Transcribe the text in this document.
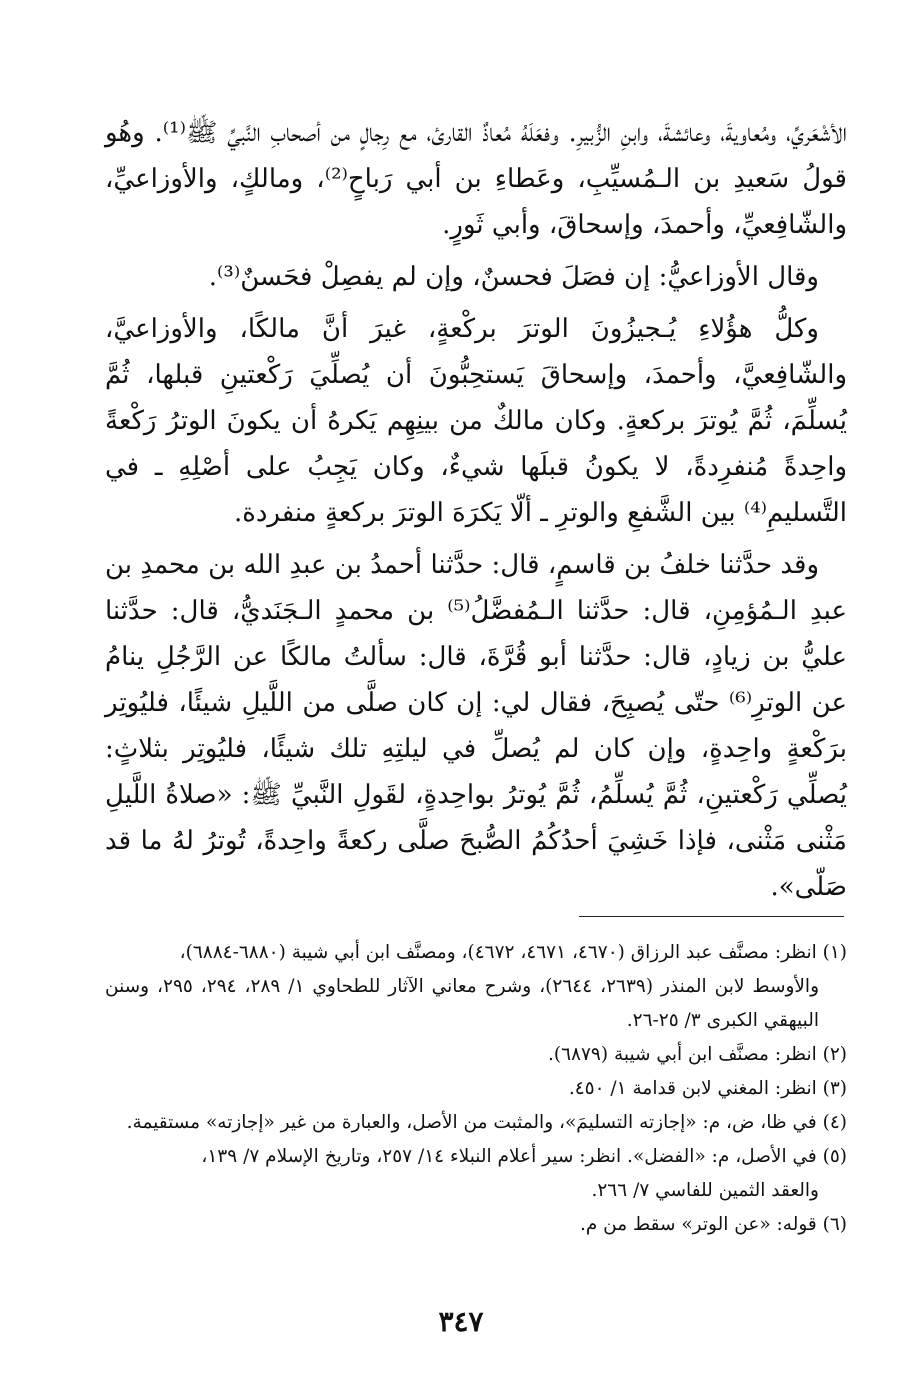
الأشْعَريِّ، ومُعاويةَ، وعائشةَ، وابنِ الزُّبيرِ. وفعَلَهُ مُعاذٌ القارئ، مع رِجالٍ من أصحابِ النَّبيِّ ﷺ⁽¹⁾. وهُو قولُ سَعيدِ بن الـمُسيِّبِ، وعَطاءِ بن أبي رَباحٍ⁽²⁾، ومالكٍ، والأوزاعيِّ، والشّافِعيِّ، وأحمدَ، وإسحاقَ، وأبي ثَورٍ.

وقال الأوزاعيُّ: إن فصَلَ فحسنٌ، وإن لم يفصِلْ فحَسنٌ⁽³⁾.

وكلُّ هؤُلاءِ يُـجيزُونَ الوترَ بركْعةٍ، غيرَ أنَّ مالكًا، والأوزاعيَّ، والشّافِعيَّ، وأحمدَ، وإسحاقَ يَستحِبُّونَ أن يُصلِّيَ رَكْعتينِ قبلها، ثُمَّ يُسلِّمَ، ثُمَّ يُوترَ بركعةٍ. وكان مالكٌ من بينِهِم يَكرهُ أن يكونَ الوترُ رَكْعةً واحِدةً مُنفرِدةً، لا يكونُ قبلَها شيءٌ، وكان يَجِبُ على أصْلِهِ ـ في التَّسليمِ⁽⁴⁾ بين الشَّفعِ والوترِ ـ ألّا يَكرَهَ الوترَ بركعةٍ منفردة.

وقد حدَّثنا خلفُ بن قاسمٍ، قال: حدَّثنا أحمدُ بن عبدِ الله بن محمدِ بن عبدِ الـمُؤمِنِ، قال: حدَّثنا الـمُفضَّلُ⁽⁵⁾ بن محمدٍ الـجَنَديُّ، قال: حدَّثنا عليُّ بن زيادٍ، قال: حدَّثنا أبو قُرَّةَ، قال: سألتُ مالكًا عن الرَّجُلِ ينامُ عن الوترِ⁽⁶⁾ حتّى يُصبِحَ، فقال لي: إن كان صلَّى من اللَّيلِ شيئًا، فليُوتِر برَكْعةٍ واحِدةٍ، وإن كان لم يُصلِّ في ليلتِهِ تلك شيئًا، فليُوتِر بثلاثٍ: يُصلِّي رَكْعتينِ، ثُمَّ يُسلِّمُ، ثُمَّ يُوترُ بواحِدةٍ، لقَولِ النَّبيِّ ﷺ: «صلاةُ اللَّيلِ مَثْنى مَثْنى، فإذا خَشِيَ أحدُكُمُ الصُّبحَ صلَّى ركعةً واحِدةً، تُوترُ لهُ ما قد صَلّى».

(١) انظر: مصنَّف عبد الرزاق (٤٦٧٠، ٤٦٧١، ٤٦٧٢)، ومصنَّف ابن أبي شيبة (٦٨٨٠-٦٨٨٤)،
والأوسط لابن المنذر (٢٦٣٩، ٢٦٤٤)، وشرح معاني الآثار للطحاوي ١/ ٢٨٩، ٢٩٤، ٢٩٥، وسنن البيهقي الكبرى ٣/ ٢٥-٢٦.
(٢) انظر: مصنَّف ابن أبي شيبة (٦٨٧٩).
(٣) انظر: المغني لابن قدامة ١/ ٤٥٠.
(٤) في ظا، ض، م: «إجازته التسليمَ»، والمثبت من الأصل، والعبارة من غير «إجازته» مستقيمة.
(٥) في الأصل، م: «الفضل». انظر: سير أعلام النبلاء ١٤/ ٢٥٧، وتاريخ الإسلام ٧/ ١٣٩،
والعقد الثمين للفاسي ٧/ ٢٦٦.
(٦) قوله: «عن الوتر» سقط من م.
٣٤٧
